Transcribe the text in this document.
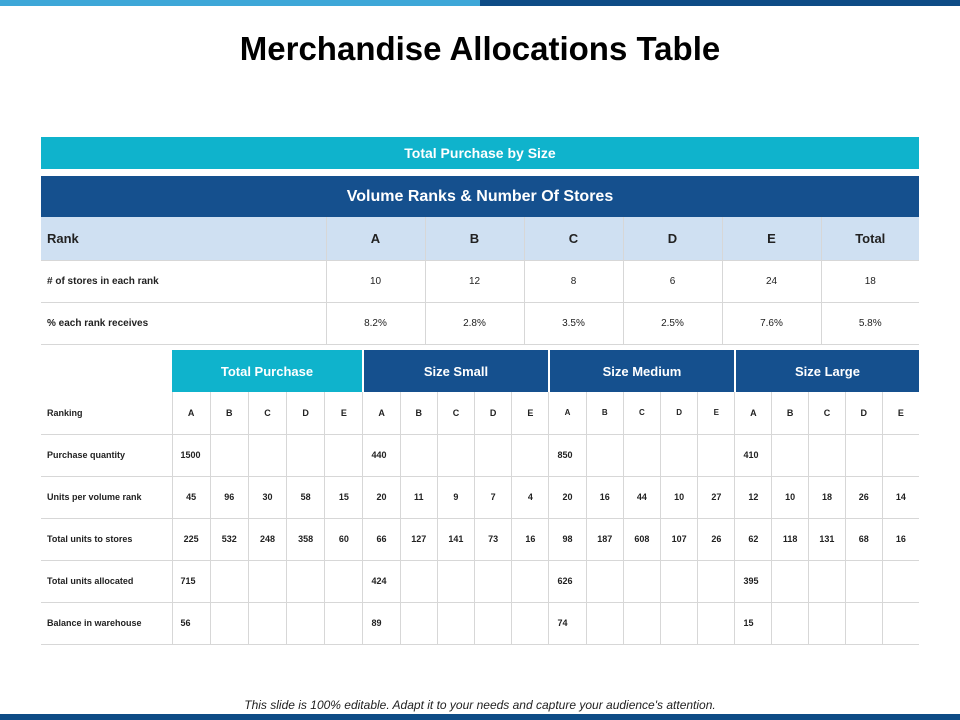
Merchandise Allocations Table
Total Purchase by Size
Volume Ranks & Number Of Stores
Rank	A	B	C	D	E	Total
# of stores in each rank	10	12	8	6	24	18
% each rank receives	8.2%	2.8%	3.5%	2.5%	7.6%	5.8%
	Total Purchase					Size Small					Size Medium					Size Large				
Ranking	A	B	C	D	E	A	B	C	D	E	A	B	C	D	E	A	B	C	D	E
Purchase quantity	1500					440					850					410				
Units per volume rank	45	96	30	58	15	20	11	9	7	4	20	16	44	10	27	12	10	18	26	14
Total units to stores	225	532	248	358	60	66	127	141	73	16	98	187	608	107	26	62	118	131	68	16
Total units allocated	715					424					626					395				
Balance in warehouse	56					89					74					15				
This slide is 100% editable. Adapt it to your needs and capture your audience's attention.
